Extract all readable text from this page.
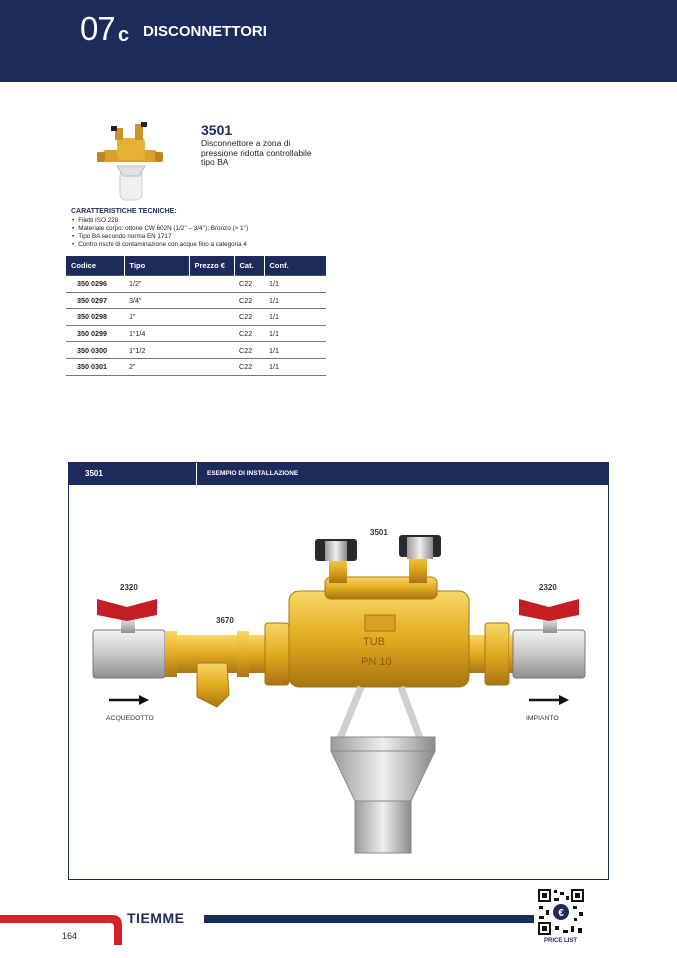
07 c DISCONNETTORI
3501
Disconnettore a zona di pressione ridotta controllabile tipo BA
CARATTERISTICHE TECNICHE:
• Filetti ISO 228
• Materiale corpo: ottone CW 602N (1/2’’ – 3/4’’); Bronzo (> 1’’)
• Tipo BA secondo norma EN 1717
• Contro rischi di contaminazione con acque fino a categoria 4
Codice	Tipo	Prezzo €	Cat.	Conf.
350 0296	1/2”		C22	1/1
350 0297	3/4”		C22	1/1
350 0298	1”		C22	1/1
350 0299	1”1/4		C22	1/1
350 0300	1”1/2		C22	1/1
350 0301	2”		C22	1/1
3501	ESEMPIO DI INSTALLAZIONE
TUB
PN 10
3501
2320	2320
3670
ACQUEDOTTO	IMPIANTO
TIEMME
164
€
PRICE LIST
